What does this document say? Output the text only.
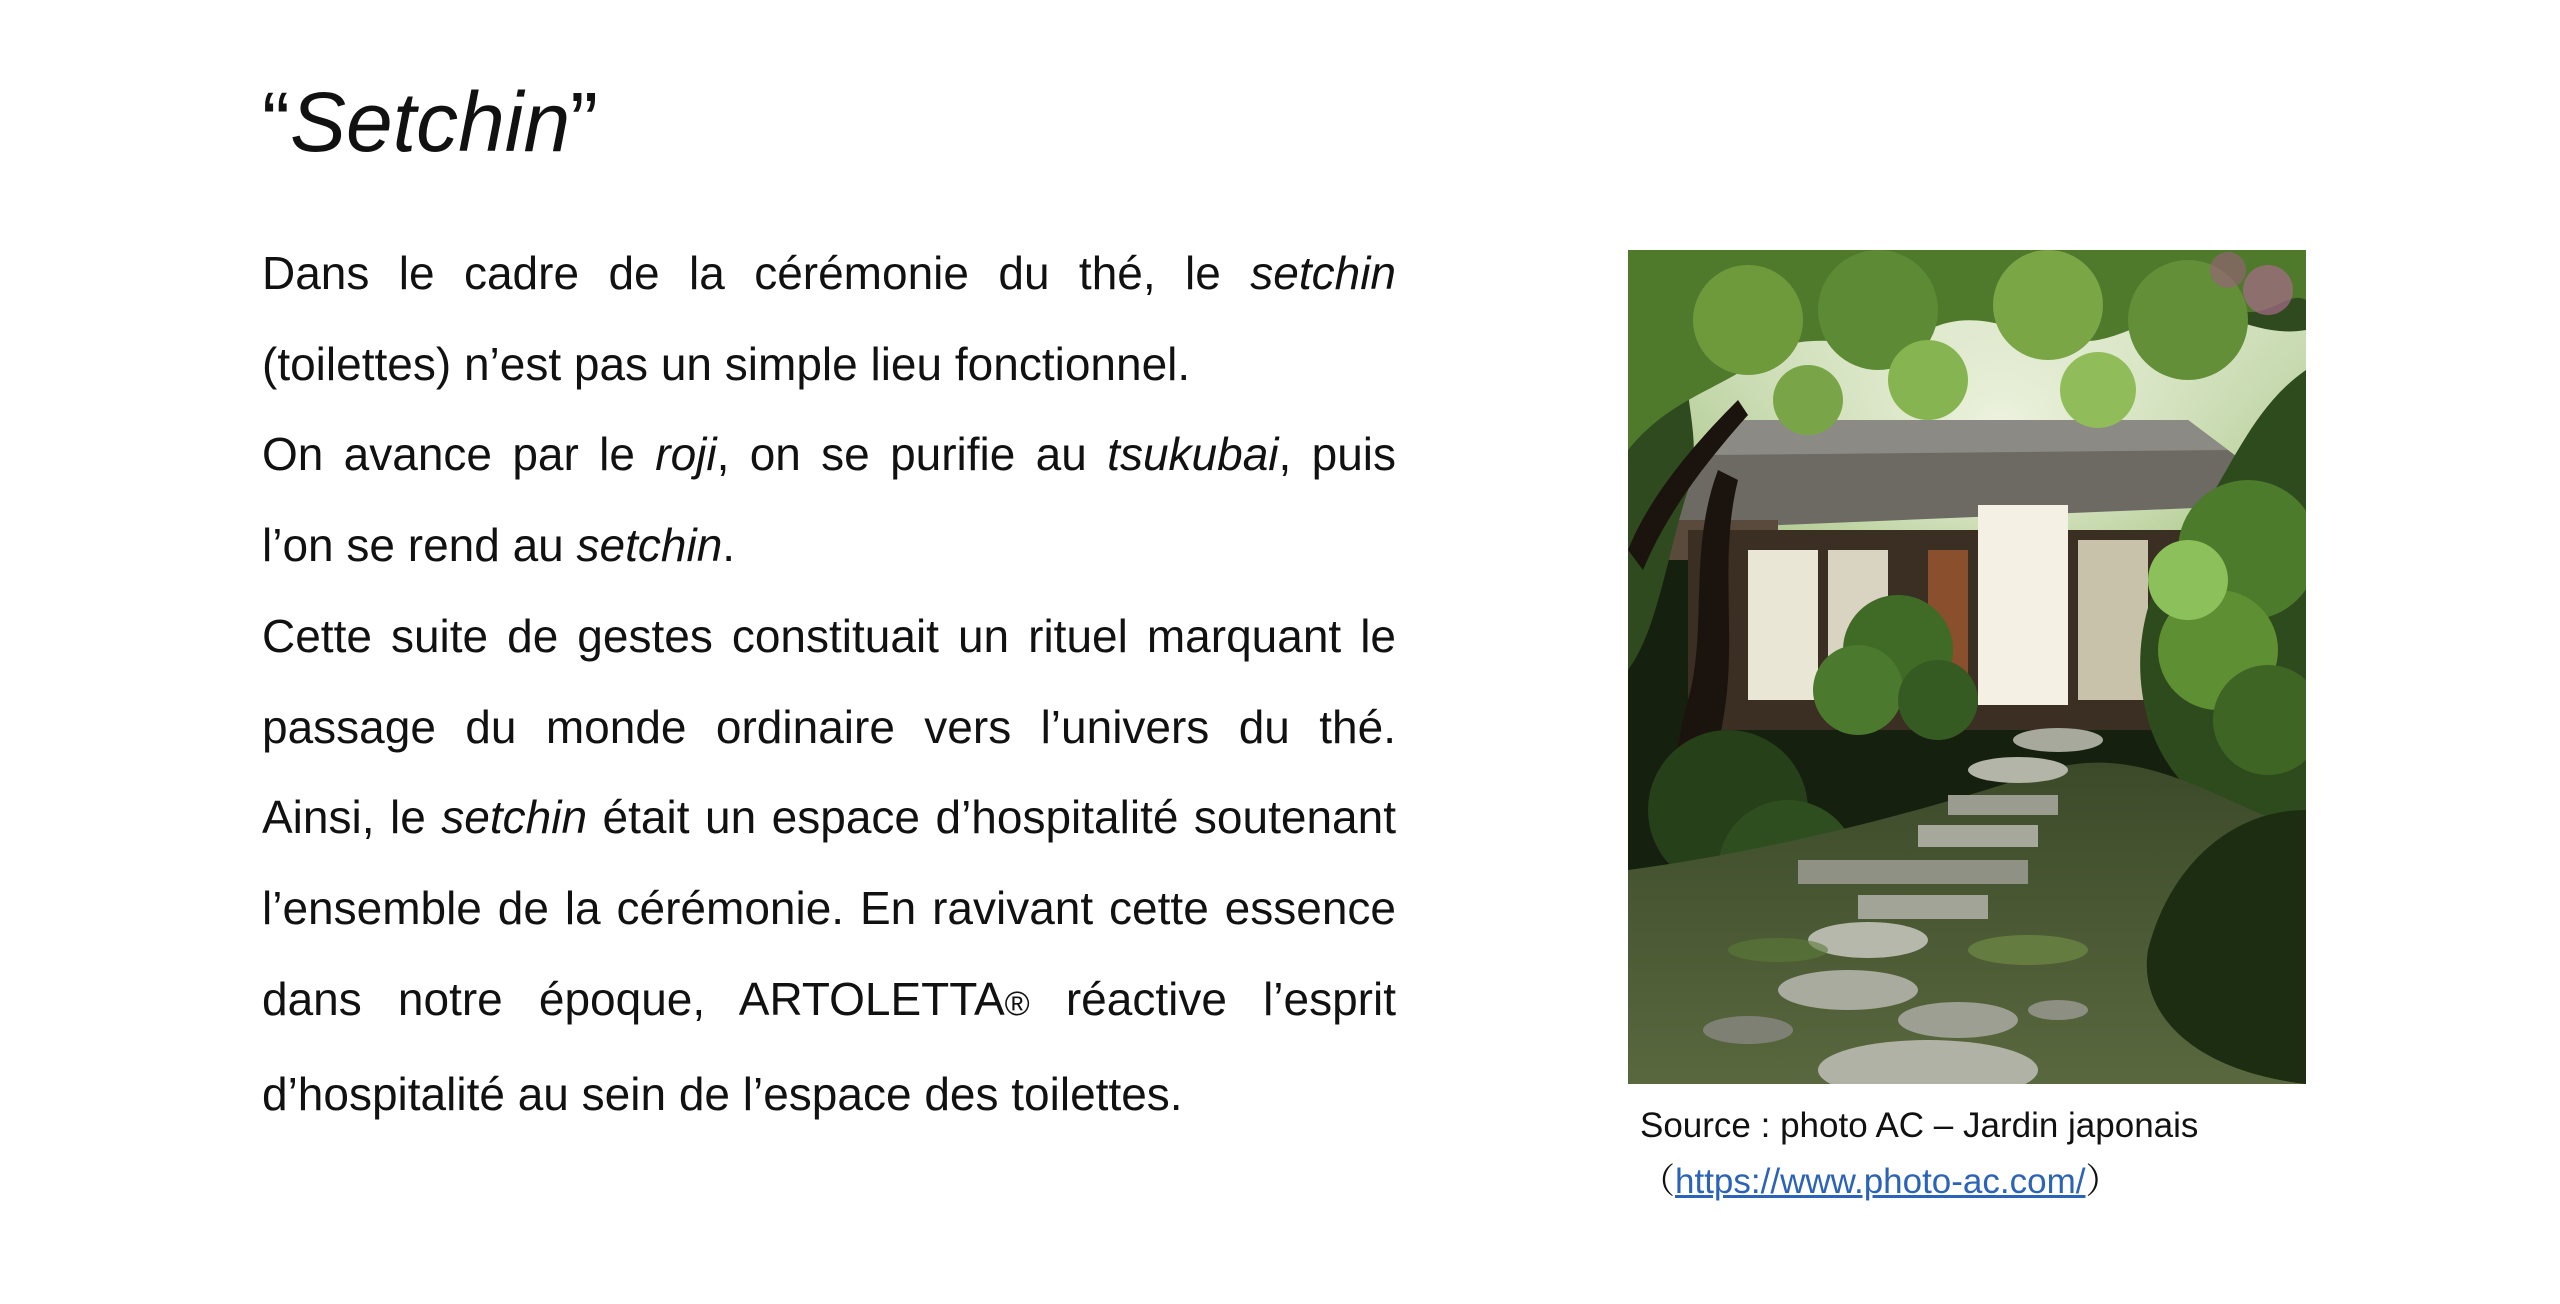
“Setchin”

Dans le cadre de la cérémonie du thé, le setchin (toilettes) n’est pas un simple lieu fonctionnel.

On avance par le roji, on se purifie au tsukubai, puis l’on se rend au setchin.

Cette suite de gestes constituait un rituel marquant le passage du monde ordinaire vers l’univers du thé. Ainsi, le setchin était un espace d’hospitalité soutenant l’ensemble de la cérémonie. En ravivant cette essence dans notre époque, ARTOLETTA® réactive l’esprit d’hospitalité au sein de l’espace des toilettes.

Source : photo AC – Jardin japonais
（https://www.photo-ac.com/）
